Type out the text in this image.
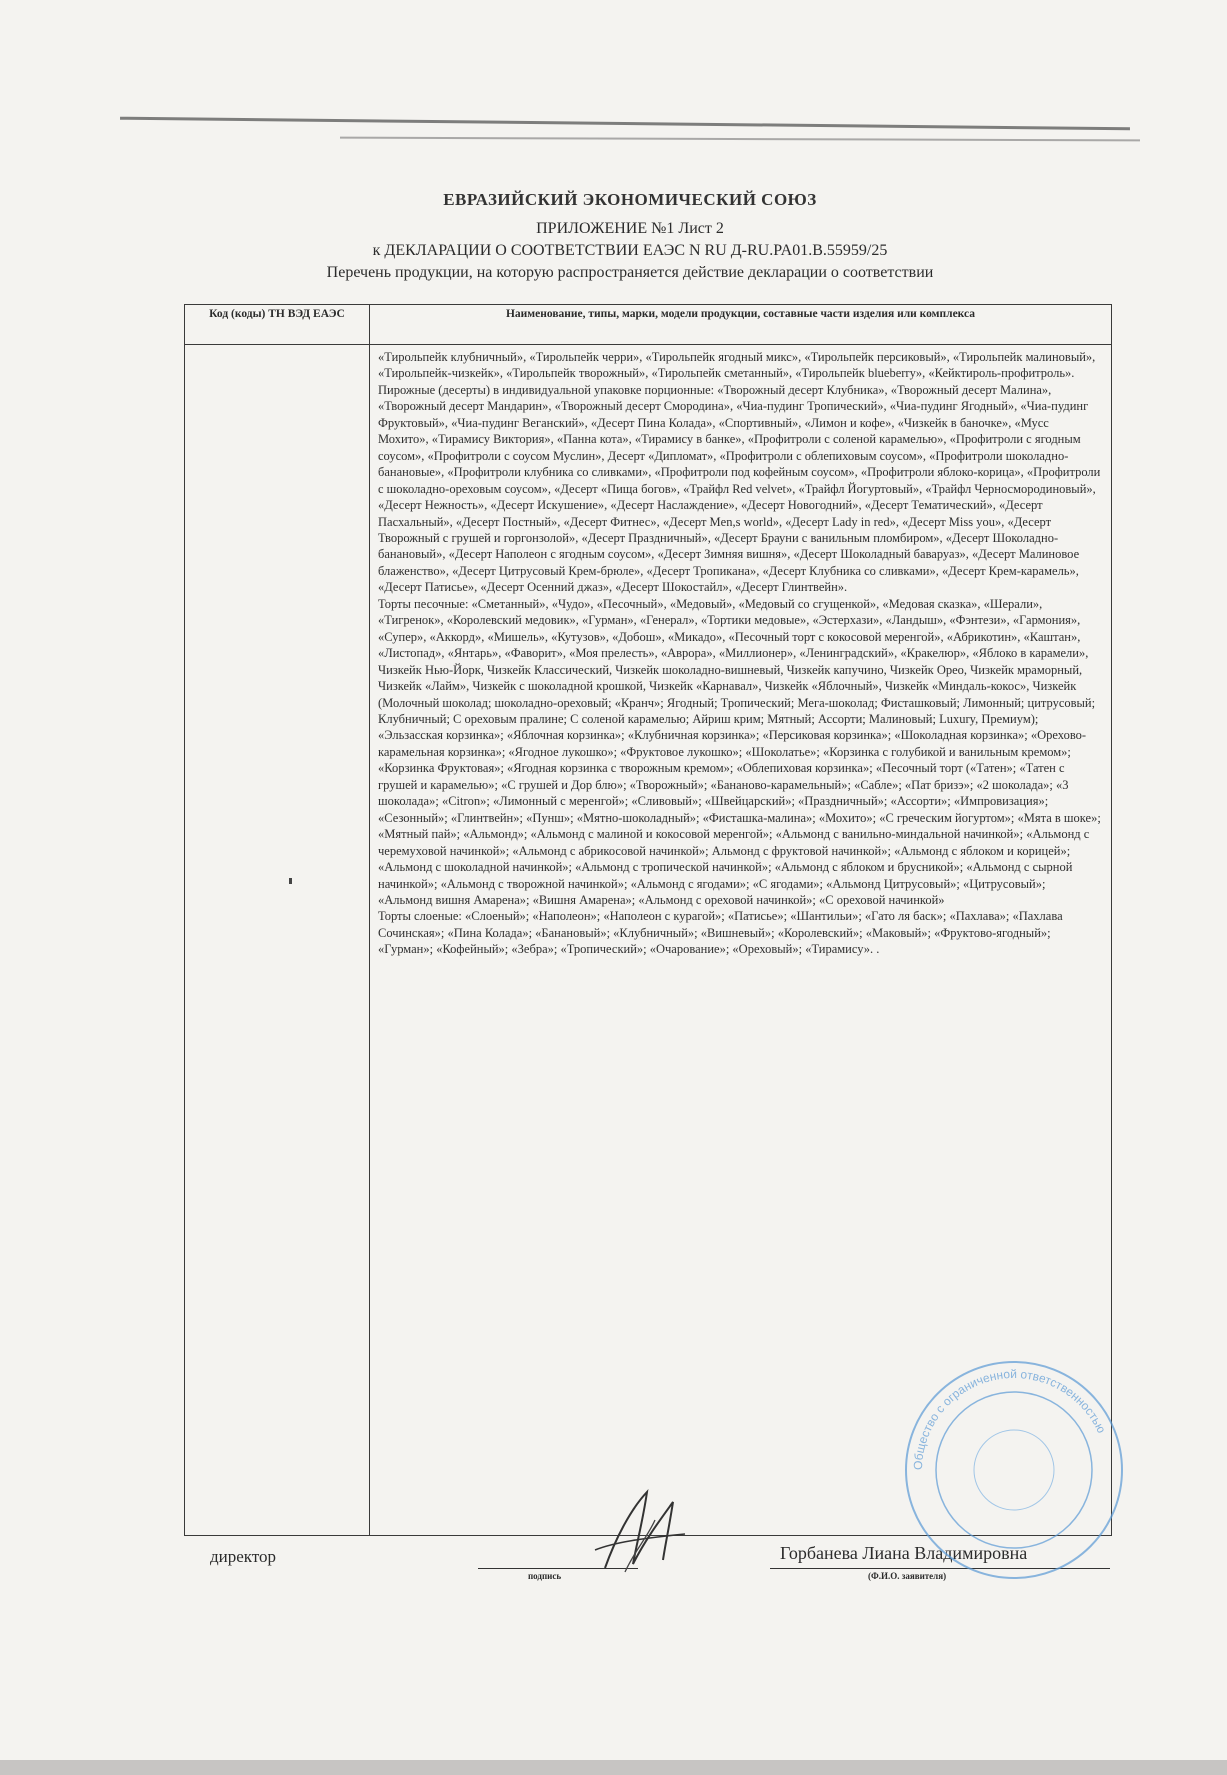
ЕВРАЗИЙСКИЙ ЭКОНОМИЧЕСКИЙ СОЮЗ
ПРИЛОЖЕНИЕ №1 Лист 2
к ДЕКЛАРАЦИИ О СООТВЕТСТВИИ ЕАЭС N RU Д-RU.PA01.В.55959/25
Перечень продукции, на которую распространяется действие декларации о соответствии
Код (коды) ТН ВЭД ЕАЭС	Наименование, типы, марки, модели продукции, составные части изделия или комплекса

	«Тирольпейк клубничный», «Тирольпейк черри», «Тирольпейк ягодный микс», «Тирольпейк персиковый», «Тирольпейк малиновый», «Тирольпейк-чизкейк», «Тирольпейк творожный», «Тирольпейк сметанный», «Тирольпейк blueberry», «Кейктироль-профитроль».

Пирожные (десерты) в индивидуальной упаковке порционные: «Творожный десерт Клубника», «Творожный десерт Малина», «Творожный десерт Мандарин», «Творожный десерт Смородина», «Чиа-пудинг Тропический», «Чиа-пудинг Ягодный», «Чиа-пудинг Фруктовый», «Чиа-пудинг Веганский», «Десерт Пина Колада», «Спортивный», «Лимон и кофе», «Чизкейк в баночке», «Мусс Мохито», «Тирамису Виктория», «Панна кота», «Тирамису в банке», «Профитроли с соленой карамелью», «Профитроли с ягодным соусом», «Профитроли с соусом Муслин», Десерт «Дипломат», «Профитроли с облепиховым соусом», «Профитроли шоколадно-банановые», «Профитроли клубника со сливками», «Профитроли под кофейным соусом», «Профитроли яблоко-корица», «Профитроли с шоколадно-ореховым соусом», «Десерт «Пища богов», «Трайфл Red velvet», «Трайфл Йогуртовый», «Трайфл Черносмородиновый», «Десерт Нежность», «Десерт Искушение», «Десерт Наслаждение», «Десерт Новогодний», «Десерт Тематический», «Десерт Пасхальный», «Десерт Постный», «Десерт Фитнес», «Десерт Men,s world», «Десерт Lady in red», «Десерт Miss you», «Десерт Творожный с грушей и горгонзолой», «Десерт Праздничный», «Десерт Брауни с ванильным пломбиром», «Десерт Шоколадно-банановый», «Десерт Наполеон с ягодным соусом», «Десерт Зимняя вишня», «Десерт Шоколадный баваруаз», «Десерт Малиновое блаженство», «Десерт Цитрусовый Крем-брюле», «Десерт Тропикана», «Десерт Клубника со сливками», «Десерт Крем-карамель», «Десерт Патисье», «Десерт Осенний джаз», «Десерт Шокостайл», «Десерт Глинтвейн».

Торты песочные: «Сметанный», «Чудо», «Песочный», «Медовый», «Медовый со сгущенкой», «Медовая сказка», «Шерали», «Тигренок», «Королевский медовик», «Гурман», «Генерал», «Тортики медовые», «Эстерхази», «Ландыш», «Фэнтези», «Гармония», «Супер», «Аккорд», «Мишель», «Кутузов», «Добош», «Микадо», «Песочный торт с кокосовой меренгой», «Абрикотин», «Каштан», «Листопад», «Янтарь», «Фаворит», «Моя прелесть», «Аврора», «Миллионер», «Ленинградский», «Кракелюр», «Яблоко в карамели», Чизкейк Нью-Йорк, Чизкейк Классический, Чизкейк шоколадно-вишневый, Чизкейк капучино, Чизкейк Орео, Чизкейк мраморный, Чизкейк «Лайм», Чизкейк с шоколадной крошкой, Чизкейк «Карнавал», Чизкейк «Яблочный», Чизкейк «Миндаль-кокос», Чизкейк (Молочный шоколад; шоколадно-ореховый; «Кранч»; Ягодный; Тропический; Мега-шоколад; Фисташковый; Лимонный; цитрусовый; Клубничный; С ореховым пралине; С соленой карамелью; Айриш крим; Мятный; Ассорти; Малиновый; Luxury, Премиум); «Эльзасская корзинка»; «Яблочная корзинка»; «Клубничная корзинка»; «Персиковая корзинка»; «Шоколадная корзинка»; «Орехово-карамельная корзинка»; «Ягодное лукошко»; «Фруктовое лукошко»; «Шоколатье»; «Корзинка с голубикой и ванильным кремом»; «Корзинка Фруктовая»; «Ягодная корзинка с творожным кремом»; «Облепиховая корзинка»; «Песочный торт («Татен»; «Татен с грушей и карамелью»; «С грушей и Дор блю»; «Творожный»; «Бананово-карамельный»; «Сабле»; «Пат бризэ»; «2 шоколада»; «3 шоколада»; «Citron»; «Лимонный с меренгой»; «Сливовый»; «Швейцарский»; «Праздничный»; «Ассорти»; «Импровизация»; «Сезонный»; «Глинтвейн»; «Пунш»; «Мятно-шоколадный»; «Фисташка-малина»; «Мохито»; «С греческим йогуртом»; «Мята в шоке»; «Мятный пай»; «Альмонд»; «Альмонд с малиной и кокосовой меренгой»; «Альмонд с ванильно-миндальной начинкой»; «Альмонд с черемуховой начинкой»; «Альмонд с абрикосовой начинкой»; Альмонд с фруктовой начинкой»; «Альмонд с яблоком и корицей»; «Альмонд с шоколадной начинкой»; «Альмонд с тропической начинкой»; «Альмонд с яблоком и брусникой»; «Альмонд с сырной начинкой»; «Альмонд с творожной начинкой»; «Альмонд с ягодами»; «С ягодами»; «Альмонд Цитрусовый»; «Цитрусовый»; «Альмонд вишня Амарена»; «Вишня Амарена»; «Альмонд с ореховой начинкой»; «С ореховой начинкой»

Торты слоеные: «Слоеный»; «Наполеон»; «Наполеон с курагой»; «Патисье»; «Шантильи»; «Гато ля баск»; «Пахлава»; «Пахлава Сочинская»; «Пина Колада»; «Банановый»; «Клубничный»; «Вишневый»; «Королевский»; «Маковый»; «Фруктово-ягодный»; «Гурман»; «Кофейный»; «Зебра»; «Тропический»; «Очарование»; «Ореховый»; «Тирамису». .

директор
подпись
Горбанева Лиана Владимировна
(Ф.И.О. заявителя)
Общество с ограниченной ответственностью
